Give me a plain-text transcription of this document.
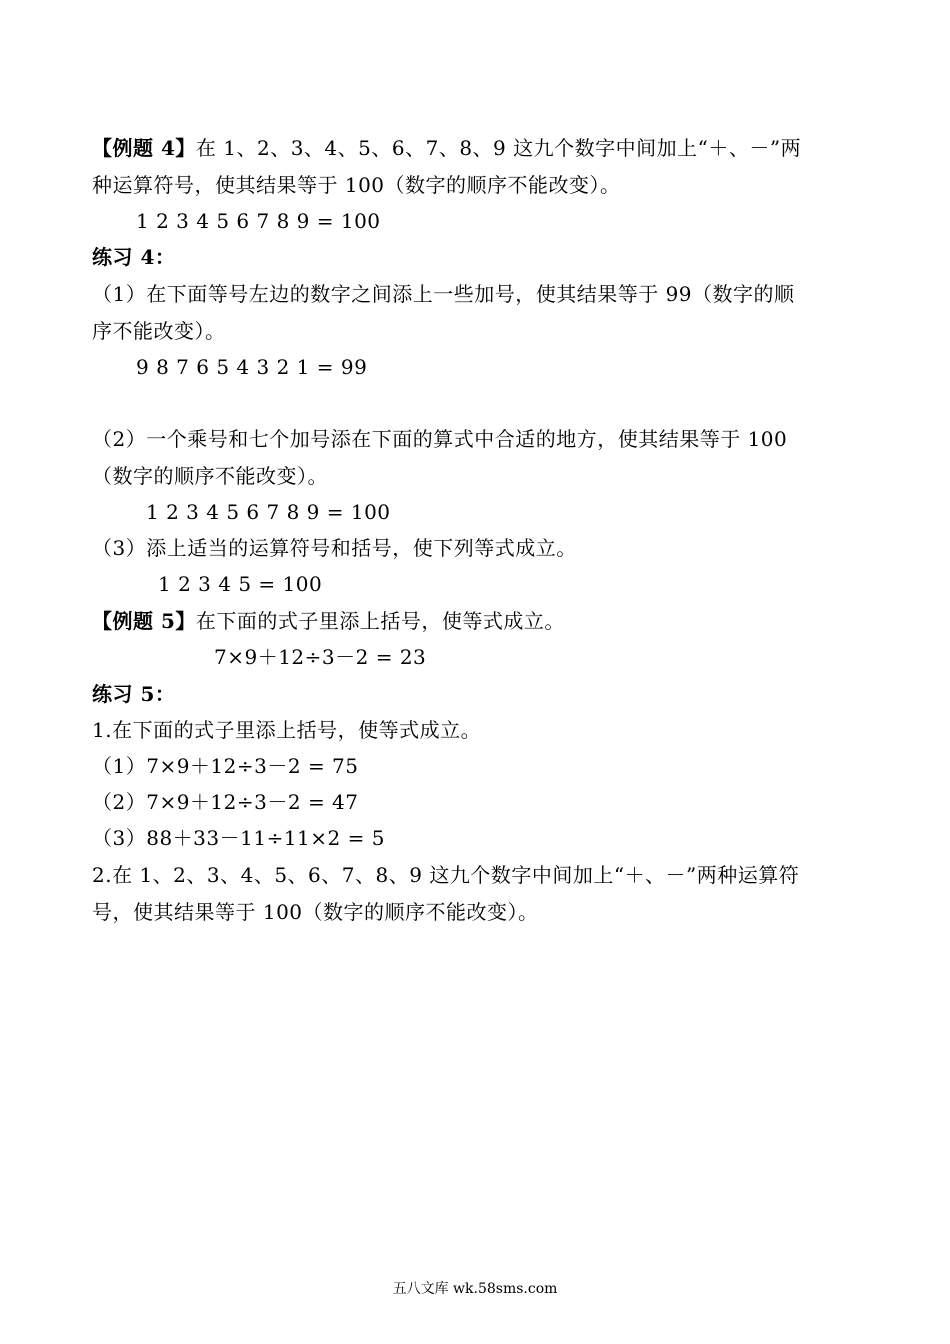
【例题 4】在 1、2、3、4、5、6、7、8、9 这九个数字中间加上“＋、－”两
种运算符号，使其结果等于 100（数字的顺序不能改变）。
1 2 3 4 5 6 7 8 9 = 100
练习 4：
（1）在下面等号左边的数字之间添上一些加号，使其结果等于 99（数字的顺
序不能改变）。
9 8 7 6 5 4 3 2 1 = 99
（2）一个乘号和七个加号添在下面的算式中合适的地方，使其结果等于 100
（数字的顺序不能改变）。
1 2 3 4 5 6 7 8 9 = 100
（3）添上适当的运算符号和括号，使下列等式成立。
1 2 3 4 5 = 100
【例题 5】在下面的式子里添上括号，使等式成立。
7×9＋12÷3－2 = 23
练习 5：
1.在下面的式子里添上括号，使等式成立。
（1）7×9＋12÷3－2 = 75
（2）7×9＋12÷3－2 = 47
（3）88＋33－11÷11×2 = 5
2.在 1、2、3、4、5、6、7、8、9 这九个数字中间加上“＋、－”两种运算符
号，使其结果等于 100（数字的顺序不能改变）。
五八文库 wk.58sms.com
